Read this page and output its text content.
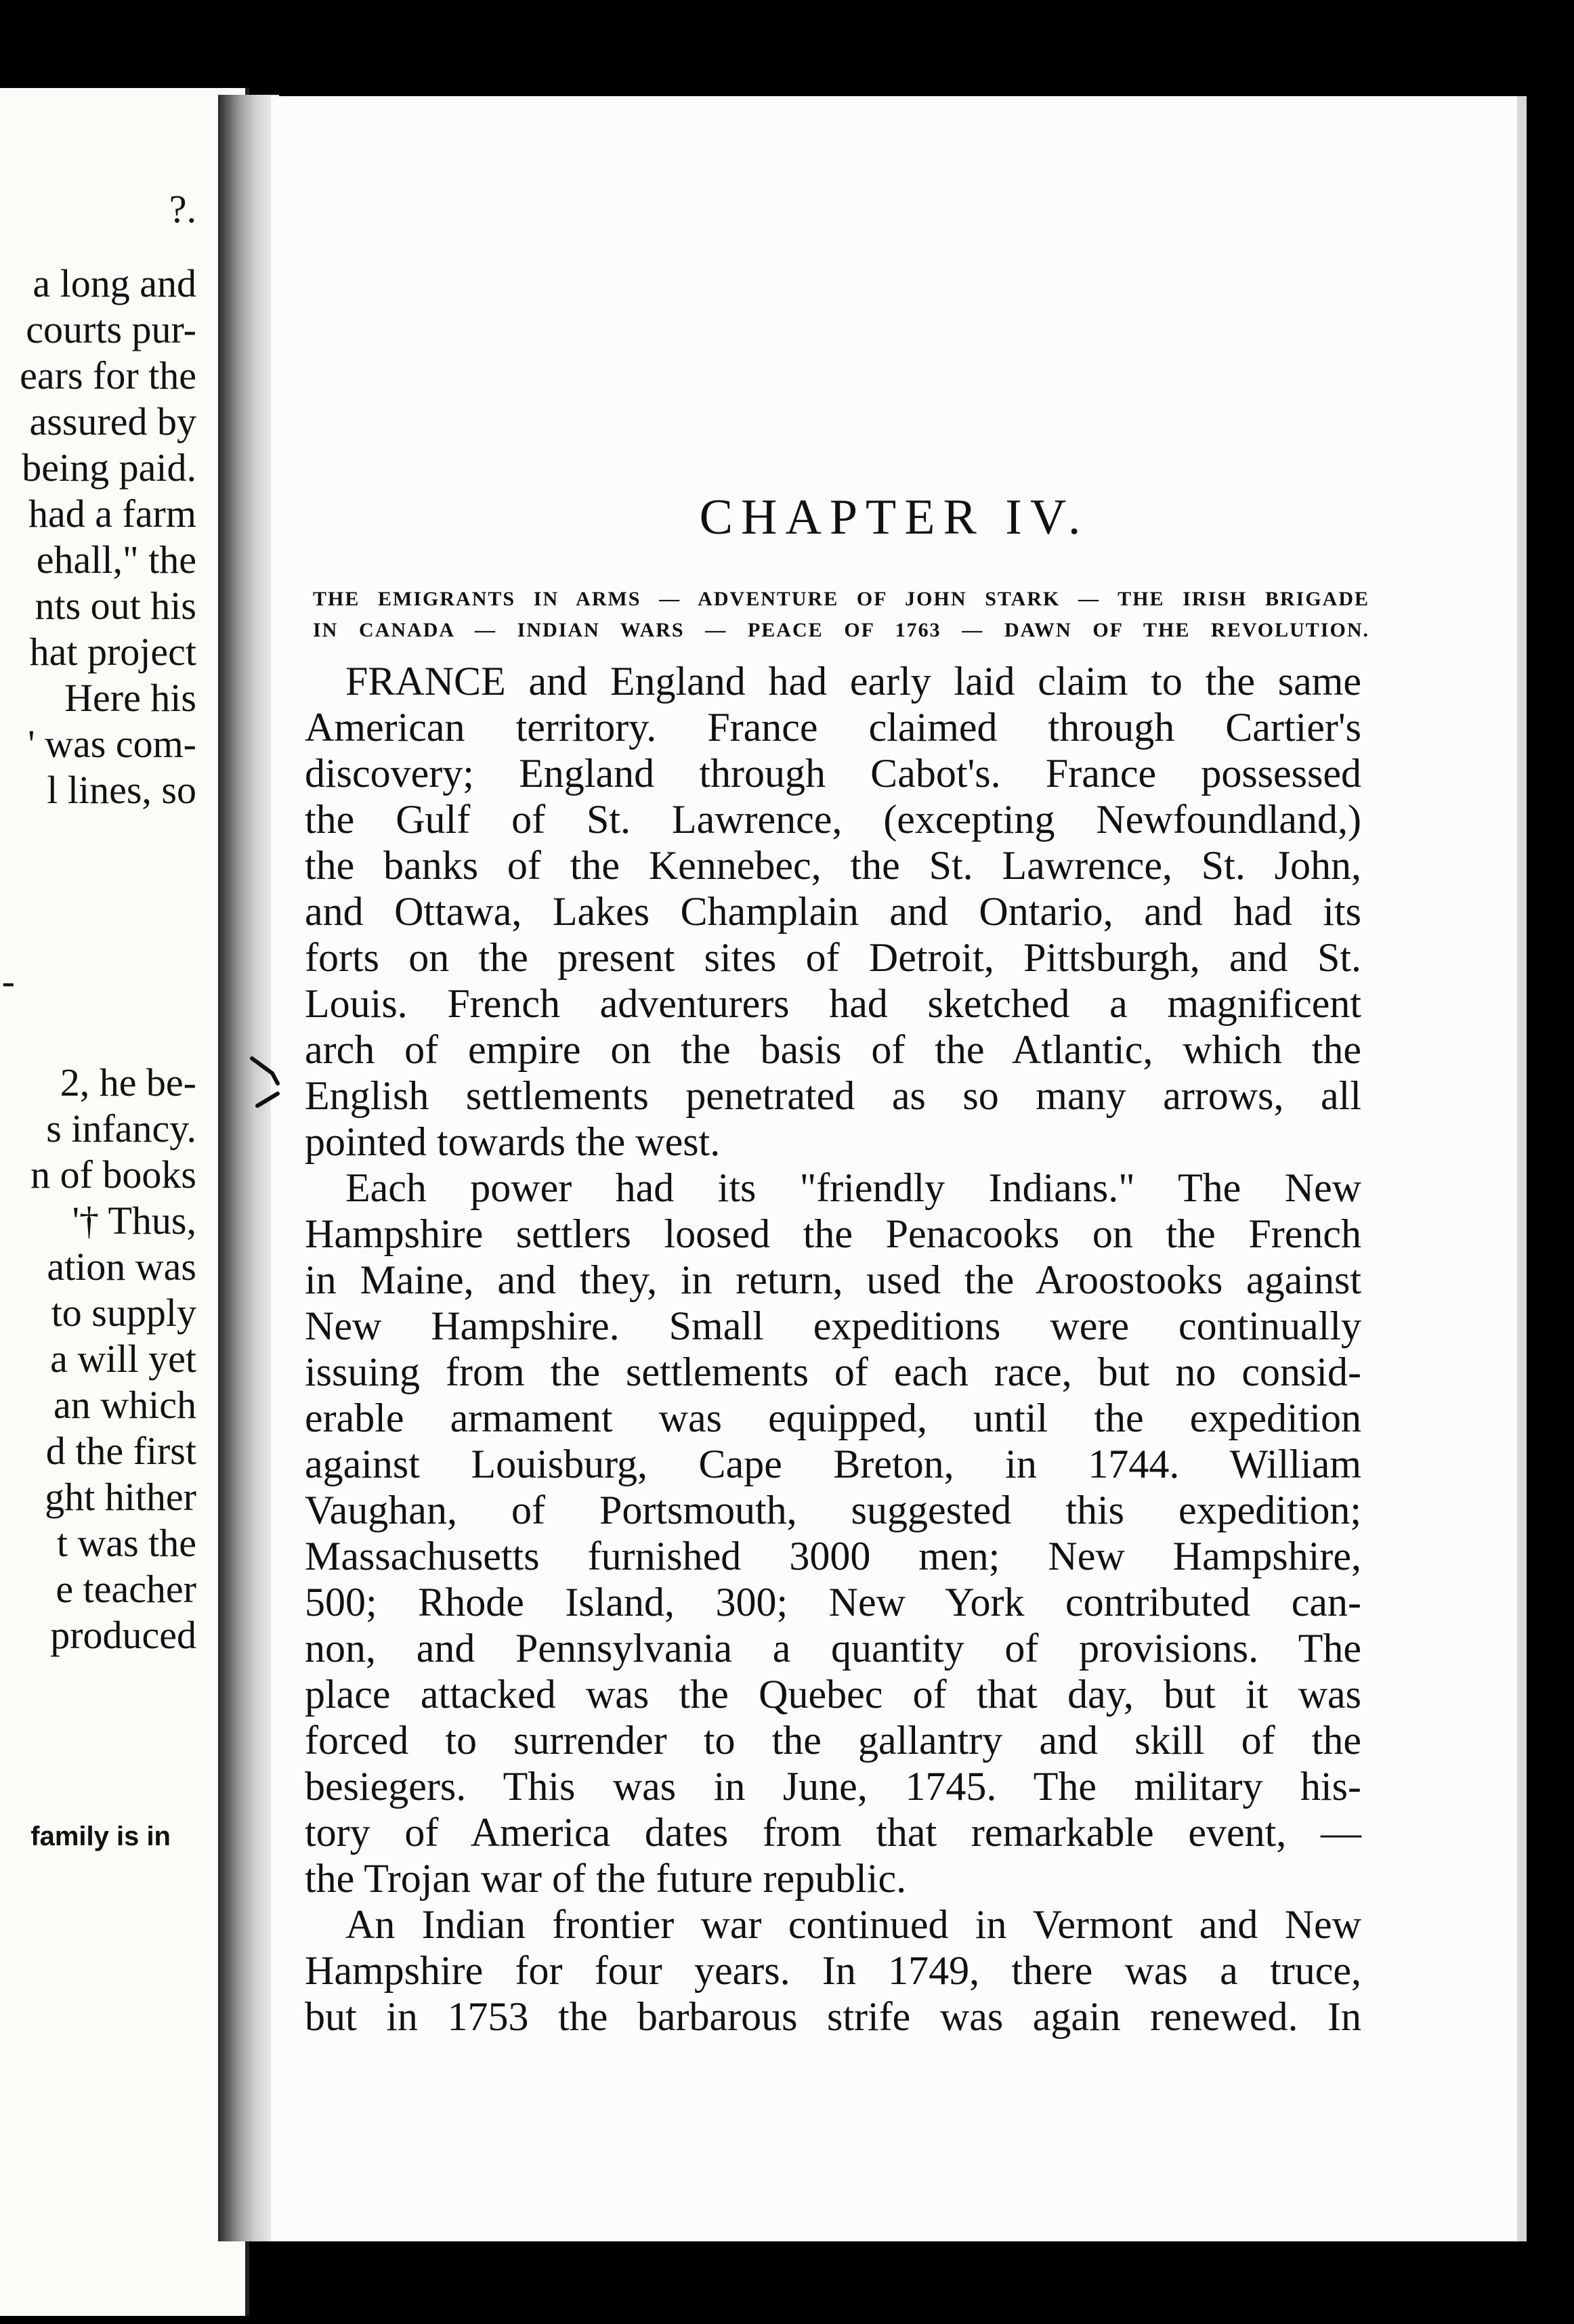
?.
a long and
courts pur-
ears for the
assured by
being paid.
had a farm
ehall," the
nts out his
hat project
Here his
' was com-
l lines, so
-
2, he be-
s infancy.
n of books
'† Thus,
ation was
to supply
a will yet
an which
d the first
ght hither
t was the
e teacher
produced
family is in
CHAPTER IV.
THE EMIGRANTS IN ARMS — ADVENTURE OF JOHN STARK — THE IRISH BRIGADE
IN CANADA — INDIAN WARS — PEACE OF 1763 — DAWN OF THE REVOLUTION.
FRANCE and England had early laid claim to the same
American territory. France claimed through Cartier's
discovery; England through Cabot's. France possessed
the Gulf of St. Lawrence, (excepting Newfoundland,)
the banks of the Kennebec, the St. Lawrence, St. John,
and Ottawa, Lakes Champlain and Ontario, and had its
forts on the present sites of Detroit, Pittsburgh, and St.
Louis. French adventurers had sketched a magnificent
arch of empire on the basis of the Atlantic, which the
English settlements penetrated as so many arrows, all
pointed towards the west.
Each power had its "friendly Indians." The New
Hampshire settlers loosed the Penacooks on the French
in Maine, and they, in return, used the Aroostooks against
New Hampshire. Small expeditions were continually
issuing from the settlements of each race, but no consid-
erable armament was equipped, until the expedition
against Louisburg, Cape Breton, in 1744. William
Vaughan, of Portsmouth, suggested this expedition;
Massachusetts furnished 3000 men; New Hampshire,
500; Rhode Island, 300; New York contributed can-
non, and Pennsylvania a quantity of provisions. The
place attacked was the Quebec of that day, but it was
forced to surrender to the gallantry and skill of the
besiegers. This was in June, 1745. The military his-
tory of America dates from that remarkable event, —
the Trojan war of the future republic.
An Indian frontier war continued in Vermont and New
Hampshire for four years. In 1749, there was a truce,
but in 1753 the barbarous strife was again renewed. In
